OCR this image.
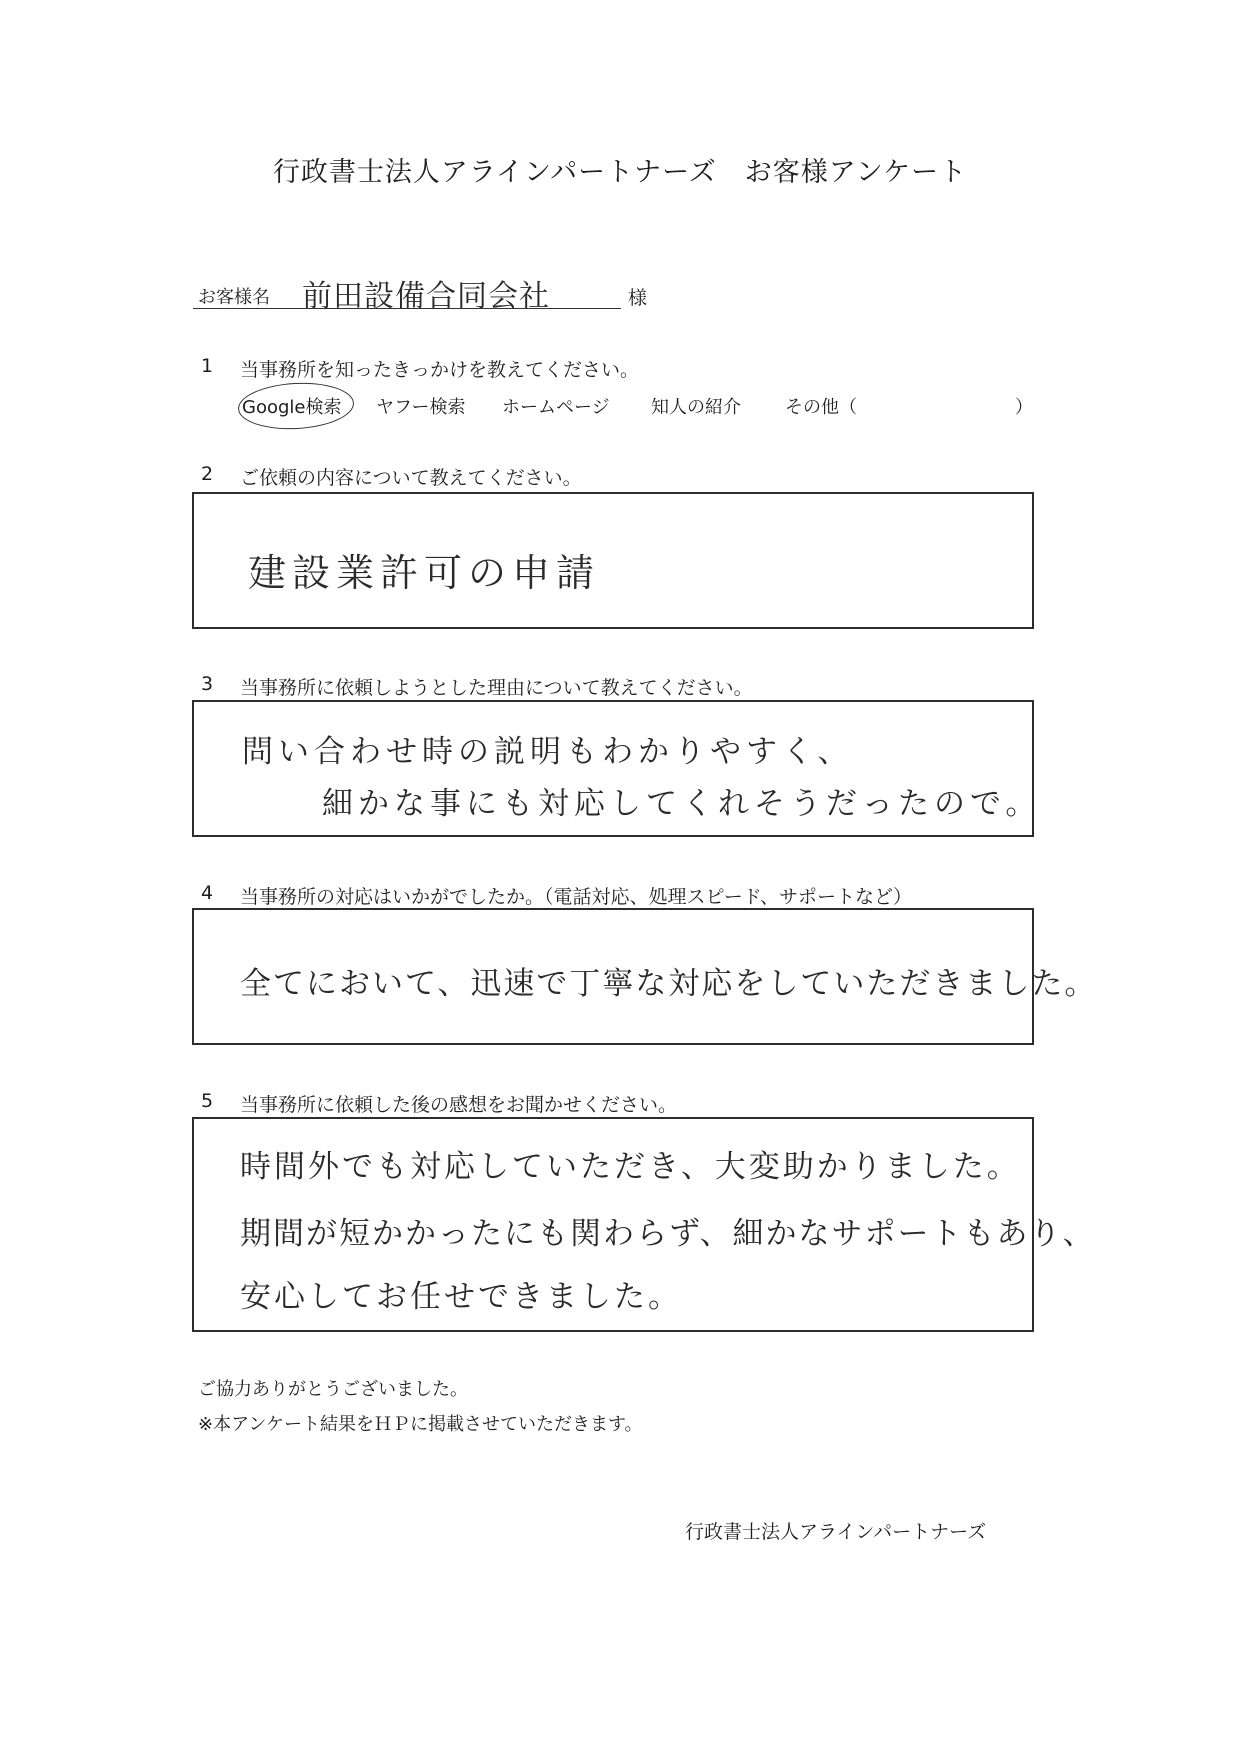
行政書士法人アラインパートナーズ　お客様アンケート
お客様名 前田設備合同会社	様
1 当事務所を知ったきっかけを教えてください。
Google検索 ヤフー検索 ホームページ 知人の紹介 その他（	）
2 ご依頼の内容について教えてください。
建設業許可の申請
3 当事務所に依頼しようとした理由について教えてください。
問い合わせ時の説明もわかりやすく、
細かな事にも対応してくれそうだったので。
4 当事務所の対応はいかがでしたか。（電話対応、処理スピード、サポートなど）
全てにおいて、迅速で丁寧な対応をしていただきました。
5 当事務所に依頼した後の感想をお聞かせください。
時間外でも対応していただき、大変助かりました。
期間が短かかったにも関わらず、細かなサポートもあり、
安心してお任せできました。
ご協力ありがとうございました。
※本アンケート結果をＨＰに掲載させていただきます。
行政書士法人アラインパートナーズ
